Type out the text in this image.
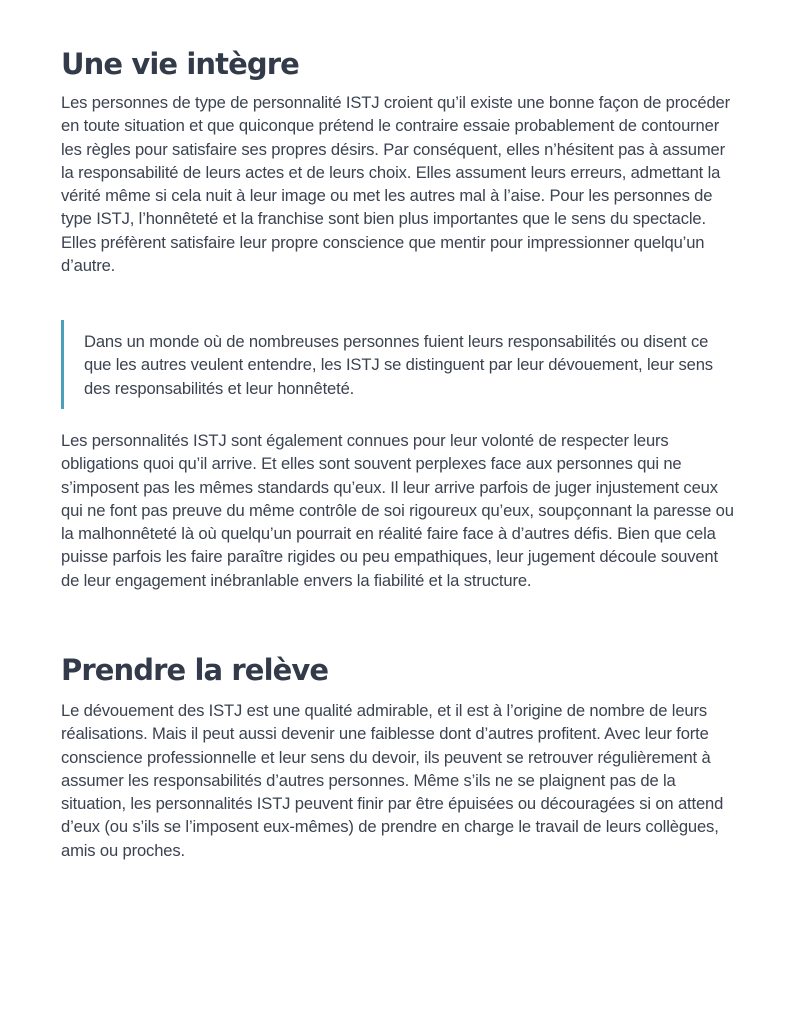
Une vie intègre

Les personnes de type de personnalité ISTJ croient qu’il existe une bonne façon de procéder en toute situation et que quiconque prétend le contraire essaie probablement de contourner les règles pour satisfaire ses propres désirs. Par conséquent, elles n’hésitent pas à assumer la responsabilité de leurs actes et de leurs choix. Elles assument leurs erreurs, admettant la vérité même si cela nuit à leur image ou met les autres mal à l’aise. Pour les personnes de type ISTJ, l’honnêteté et la franchise sont bien plus importantes que le sens du spectacle. Elles préfèrent satisfaire leur propre conscience que mentir pour impressionner quelqu’un d’autre.

Dans un monde où de nombreuses personnes fuient leurs responsabilités ou disent ce que les autres veulent entendre, les ISTJ se distinguent par leur dévouement, leur sens des responsabilités et leur honnêteté.

Les personnalités ISTJ sont également connues pour leur volonté de respecter leurs obligations quoi qu’il arrive. Et elles sont souvent perplexes face aux personnes qui ne s’imposent pas les mêmes standards qu’eux. Il leur arrive parfois de juger injustement ceux qui ne font pas preuve du même contrôle de soi rigoureux qu’eux, soupçonnant la paresse ou la malhonnêteté là où quelqu’un pourrait en réalité faire face à d’autres défis. Bien que cela puisse parfois les faire paraître rigides ou peu empathiques, leur jugement découle souvent de leur engagement inébranlable envers la fiabilité et la structure.

Prendre la relève

Le dévouement des ISTJ est une qualité admirable, et il est à l’origine de nombre de leurs réalisations. Mais il peut aussi devenir une faiblesse dont d’autres profitent. Avec leur forte conscience professionnelle et leur sens du devoir, ils peuvent se retrouver régulièrement à assumer les responsabilités d’autres personnes. Même s’ils ne se plaignent pas de la situation, les personnalités ISTJ peuvent finir par être épuisées ou découragées si on attend d’eux (ou s’ils se l’imposent eux-mêmes) de prendre en charge le travail de leurs collègues, amis ou proches.
